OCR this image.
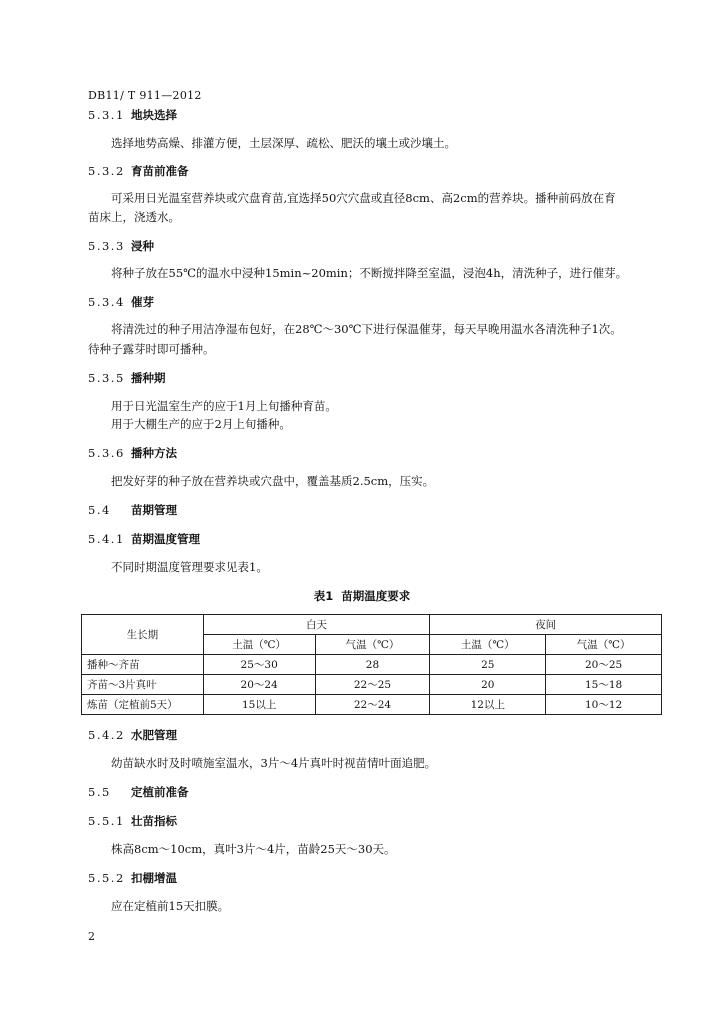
DB11/ T 911—2012
5.3.1 地块选择
选择地势高燥、排灌方便，土层深厚、疏松、肥沃的壤土或沙壤土。
5.3.2 育苗前准备
可采用日光温室营养块或穴盘育苗,宜选择50穴穴盘或直径8cm、高2cm的营养块。播种前码放在育
苗床上，浇透水。
5.3.3 浸种
将种子放在55℃的温水中浸种15min~20min；不断搅拌降至室温，浸泡4h，清洗种子，进行催芽。
5.3.4 催芽
将清洗过的种子用洁净湿布包好，在28℃～30℃下进行保温催芽，每天早晚用温水各清洗种子1次。
待种子露芽时即可播种。
5.3.5 播种期
用于日光温室生产的应于1月上旬播种育苗。
用于大棚生产的应于2月上旬播种。
5.3.6 播种方法
把发好芽的种子放在营养块或穴盘中，覆盖基质2.5cm，压实。
5.4 苗期管理
5.4.1 苗期温度管理
不同时期温度管理要求见表1。
表1 苗期温度要求
生长期	白天		夜间	
	土温（℃）	气温（℃）	土温（℃）	气温（℃）
播种～齐苗	25～30	28	25	20～25
齐苗～3片真叶	20～24	22～25	20	15～18
炼苗（定植前5天）	15以上	22～24	12以上	10～12
5.4.2 水肥管理
幼苗缺水时及时喷施室温水，3片～4片真叶时视苗情叶面追肥。
5.5 定植前准备
5.5.1 壮苗指标
株高8cm～10cm，真叶3片～4片，苗龄25天～30天。
5.5.2 扣棚增温
应在定植前15天扣膜。
2
